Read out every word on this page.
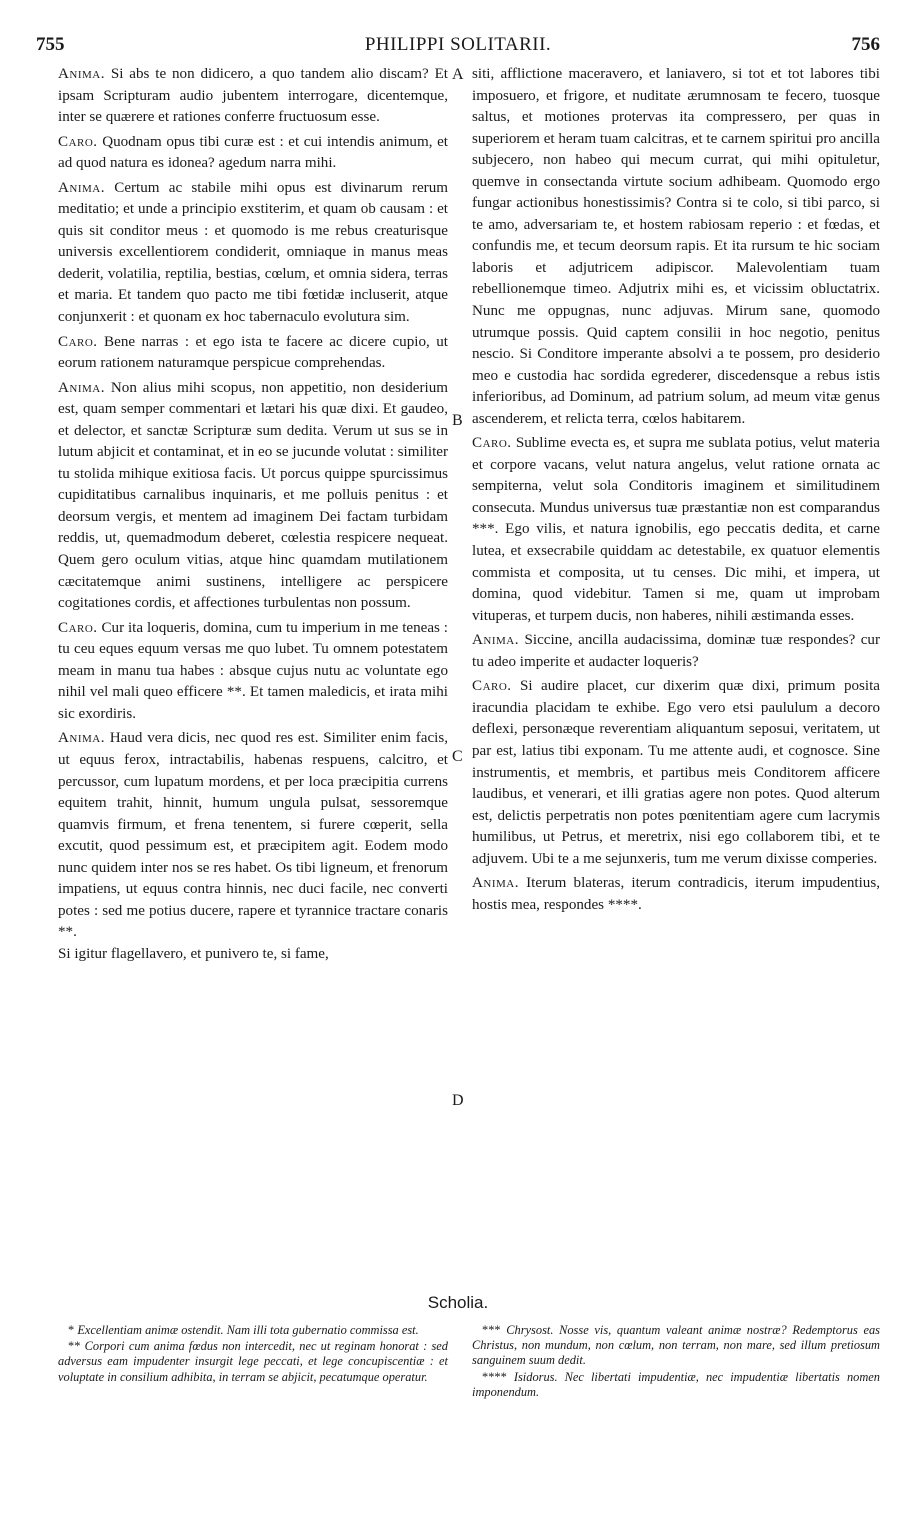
755	PHILIPPI SOLITARII.	756

Anima. Si abs te non didicero, a quo tandem alio discam? Et ipsam Scripturam audio jubentem interrogare, dicentemque, inter se quærere et rationes conferre fructuosum esse.

Caro. Quodnam opus tibi curæ est : et cui intendis animum, et ad quod natura es idonea? agedum narra mihi.

Anima. Certum ac stabile mihi opus est divinarum rerum meditatio; et unde a principio exstiterim, et quam ob causam : et quis sit conditor meus : et quomodo is me rebus creaturisque universis excellentiorem condiderit, omniaque in manus meas dederit, volatilia, reptilia, bestias, cœlum, et omnia sidera, terras et maria. Et tandem quo pacto me tibi fœtidæ incluserit, atque conjunxerit : et quonam ex hoc tabernaculo evolutura sim.

Caro. Bene narras : et ego ista te facere ac dicere cupio, ut eorum rationem naturamque perspicue comprehendas.

Anima. Non alius mihi scopus, non appetitio, non desiderium est, quam semper commentari et lætari his quæ dixi. Et gaudeo, et delector, et sanctæ Scripturæ sum dedita. Verum ut sus se in lutum abjicit et contaminat, et in eo se jucunde volutat : similiter tu stolida mihique exitiosa facis. Ut porcus quippe spurcissimus cupiditatibus carnalibus inquinaris, et me polluis penitus : et deorsum vergis, et mentem ad imaginem Dei factam turbidam reddis, ut, quemadmodum deberet, cœlestia respicere nequeat. Quem gero oculum vitias, atque hinc quamdam mutilationem cæcitatemque animi sustinens, intelligere ac perspicere cogitationes cordis, et affectiones turbulentas non possum.

Caro. Cur ita loqueris, domina, cum tu imperium in me teneas : tu ceu eques equum versas me quo lubet. Tu omnem potestatem meam in manu tua habes : absque cujus nutu ac voluntate ego nihil vel mali queo efficere **. Et tamen maledicis, et irata mihi sic exordiris.

Anima. Haud vera dicis, nec quod res est. Similiter enim facis, ut equus ferox, intractabilis, habenas respuens, calcitro, et percussor, cum lupatum mordens, et per loca præcipitia currens equitem trahit, hinnit, humum ungula pulsat, sessoremque quamvis firmum, et frena tenentem, si furere cœperit, sella excutit, quod pessimum est, et præcipitem agit. Eodem modo nunc quidem inter nos se res habet. Os tibi ligneum, et frenorum impatiens, ut equus contra hinnis, nec duci facile, nec converti potes : sed me potius ducere, rapere et tyrannice tractare conaris **.

Si igitur flagellavero, et punivero te, si fame,

siti, afflictione maceravero, et laniavero, si tot et tot labores tibi imposuero, et frigore, et nuditate ærumnosam te fecero, tuosque saltus, et motiones protervas ita compressero, per quas in superiorem et heram tuam calcitras, et te carnem spiritui pro ancilla subjecero, non habeo qui mecum currat, qui mihi opituletur, quemve in consectanda virtute socium adhibeam. Quomodo ergo fungar actionibus honestissimis? Contra si te colo, si tibi parco, si te amo, adversariam te, et hostem rabiosam reperio : et fœdas, et confundis me, et tecum deorsum rapis. Et ita rursum te hic sociam laboris et adjutricem adipiscor. Malevolentiam tuam rebellionemque timeo. Adjutrix mihi es, et vicissim obluctatrix. Nunc me oppugnas, nunc adjuvas. Mirum sane, quomodo utrumque possis. Quid captem consilii in hoc negotio, penitus nescio. Si Conditore imperante absolvi a te possem, pro desiderio meo e custodia hac sordida egrederer, discedensque a rebus istis inferioribus, ad Dominum, ad patrium solum, ad meum vitæ genus ascenderem, et relicta terra, cœlos habitarem.

Caro. Sublime evecta es, et supra me sublata potius, velut materia et corpore vacans, velut natura angelus, velut ratione ornata ac sempiterna, velut sola Conditoris imaginem et similitudinem consecuta. Mundus universus tuæ præstantiæ non est comparandus ***. Ego vilis, et natura ignobilis, ego peccatis dedita, et carne lutea, et exsecrabile quiddam ac detestabile, ex quatuor elementis commista et composita, ut tu censes. Dic mihi, et impera, ut domina, quod videbitur. Tamen si me, quam ut improbam vituperas, et turpem ducis, non haberes, nihili æstimanda esses.

Anima. Siccine, ancilla audacissima, dominæ tuæ respondes? cur tu adeo imperite et audacter loqueris?

Caro. Si audire placet, cur dixerim quæ dixi, primum posita iracundia placidam te exhibe. Ego vero etsi paululum a decoro deflexi, personæque reverentiam aliquantum seposui, veritatem, ut par est, latius tibi exponam. Tu me attente audi, et cognosce. Sine instrumentis, et membris, et partibus meis Conditorem afficere laudibus, et venerari, et illi gratias agere non potes. Quod alterum est, delictis perpetratis non potes pœnitentiam agere cum lacrymis humilibus, ut Petrus, et meretrix, nisi ego collaborem tibi, et te adjuvem. Ubi te a me sejunxeris, tum me verum dixisse comperies.

Anima. Iterum blateras, iterum contradicis, iterum impudentius, hostis mea, respondes ****.

A
B
C
D
Scholia.

* Excellentiam animæ ostendit. Nam illi tota gubernatio commissa est.

** Corpori cum anima fœdus non intercedit, nec ut reginam honorat : sed adversus eam impudenter insurgit lege peccati, et lege concupiscentiæ : et voluptate in consilium adhibita, in terram se abjicit, pecatumque operatur.

*** Chrysost. Nosse vis, quantum valeant animæ nostræ? Redemptorus eas Christus, non mundum, non cœlum, non terram, non mare, sed illum pretiosum sanguinem suum dedit.

**** Isidorus. Nec libertati impudentiæ, nec impudentiæ libertatis nomen imponendum.
